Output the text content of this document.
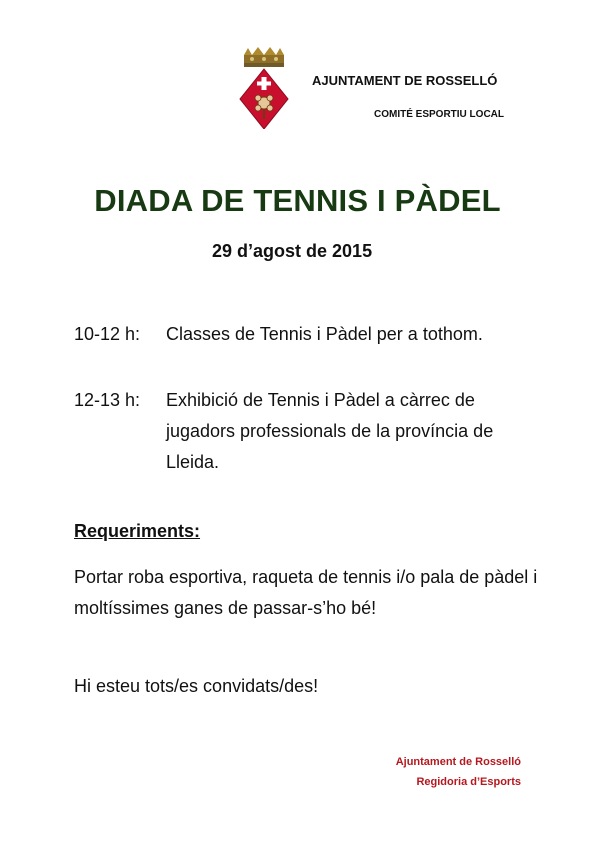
AJUNTAMENT DE ROSSELLÓ
COMITÉ ESPORTIU LOCAL
DIADA DE TENNIS I PÀDEL
29 d’agost de 2015
10-12 h:	Classes de Tennis i Pàdel per a tothom.
12-13 h:	Exhibició de Tennis i Pàdel a càrrec de jugadors professionals de la província de Lleida.
Requeriments:
Portar roba esportiva, raqueta de tennis i/o pala de pàdel i moltíssimes ganes de passar-s’ho bé!
Hi esteu tots/es convidats/des!
Ajuntament de Rosselló
Regidoria d’Esports
